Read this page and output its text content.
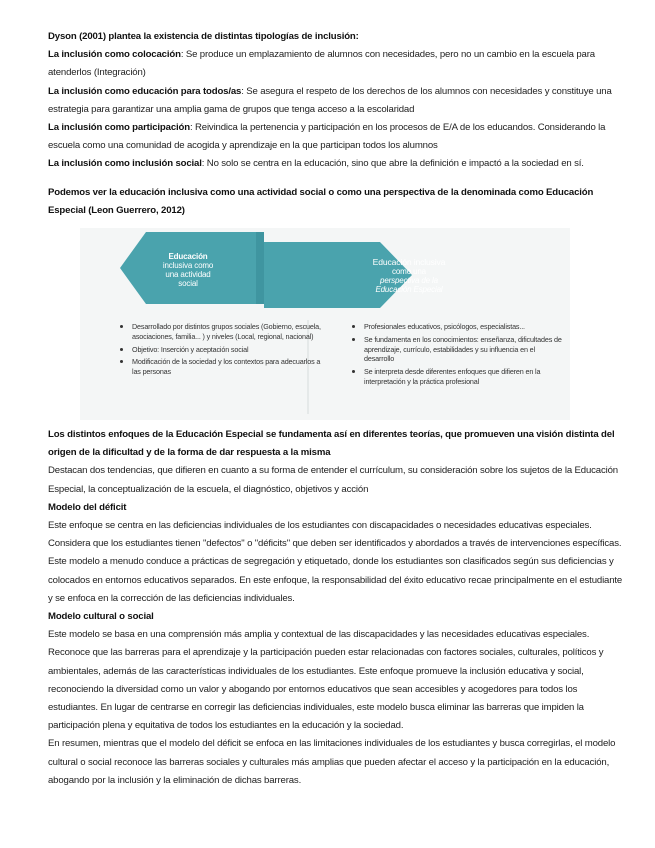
Dyson (2001) plantea la existencia de distintas tipologías de inclusión:

La inclusión como colocación: Se produce un emplazamiento de alumnos con necesidades, pero no un cambio en la escuela para atenderlos (Integración)

La inclusión como educación para todos/as: Se asegura el respeto de los derechos de los alumnos con necesidades y constituye una estrategia para garantizar una amplia gama de grupos que tenga acceso a la escolaridad

La inclusión como participación: Reivindica la pertenencia y participación en los procesos de E/A de los educandos. Considerando la escuela como una comunidad de acogida y aprendizaje en la que participan todos los alumnos

La inclusión como inclusión social: No solo se centra en la educación, sino que abre la definición e impactó a la sociedad en sí.

Podemos ver la educación inclusiva como una actividad social o como una perspectiva de la denominada como Educación Especial (Leon Guerrero, 2012)

Educación
inclusiva como
una actividad
social
Educación inclusiva
como una
perspectiva de la
Educación Especial
Desarrollado por distintos grupos sociales (Gobierno, escuela, asociaciones, familia... ) y niveles (Local, regional, nacional)
Objetivo: Inserción y aceptación social
Modificación de la sociedad y los contextos para adecuarlos a las personas
Profesionales educativos, psicólogos, especialistas...
Se fundamenta en los conocimientos: enseñanza, dificultades de aprendizaje, currículo, estabilidades y su influencia en el desarrollo
Se interpreta desde diferentes enfoques que difieren en la interpretación y la práctica profesional

Los distintos enfoques de la Educación Especial se fundamenta así en diferentes teorías, que promueven una visión distinta del origen de la dificultad y de la forma de dar respuesta a la misma

Destacan dos tendencias, que difieren en cuanto a su forma de entender el currículum, su consideración sobre los sujetos de la Educación Especial, la conceptualización de la escuela, el diagnóstico, objetivos y acción

Modelo del déficit

Este enfoque se centra en las deficiencias individuales de los estudiantes con discapacidades o necesidades educativas especiales. Considera que los estudiantes tienen "defectos" o "déficits" que deben ser identificados y abordados a través de intervenciones específicas. Este modelo a menudo conduce a prácticas de segregación y etiquetado, donde los estudiantes son clasificados según sus deficiencias y colocados en entornos educativos separados. En este enfoque, la responsabilidad del éxito educativo recae principalmente en el estudiante y se enfoca en la corrección de las deficiencias individuales.

Modelo cultural o social

Este modelo se basa en una comprensión más amplia y contextual de las discapacidades y las necesidades educativas especiales. Reconoce que las barreras para el aprendizaje y la participación pueden estar relacionadas con factores sociales, culturales, políticos y ambientales, además de las características individuales de los estudiantes. Este enfoque promueve la inclusión educativa y social, reconociendo la diversidad como un valor y abogando por entornos educativos que sean accesibles y acogedores para todos los estudiantes. En lugar de centrarse en corregir las deficiencias individuales, este modelo busca eliminar las barreras que impiden la participación plena y equitativa de todos los estudiantes en la educación y la sociedad.

En resumen, mientras que el modelo del déficit se enfoca en las limitaciones individuales de los estudiantes y busca corregirlas, el modelo cultural o social reconoce las barreras sociales y culturales más amplias que pueden afectar el acceso y la participación en la educación, abogando por la inclusión y la eliminación de dichas barreras.
